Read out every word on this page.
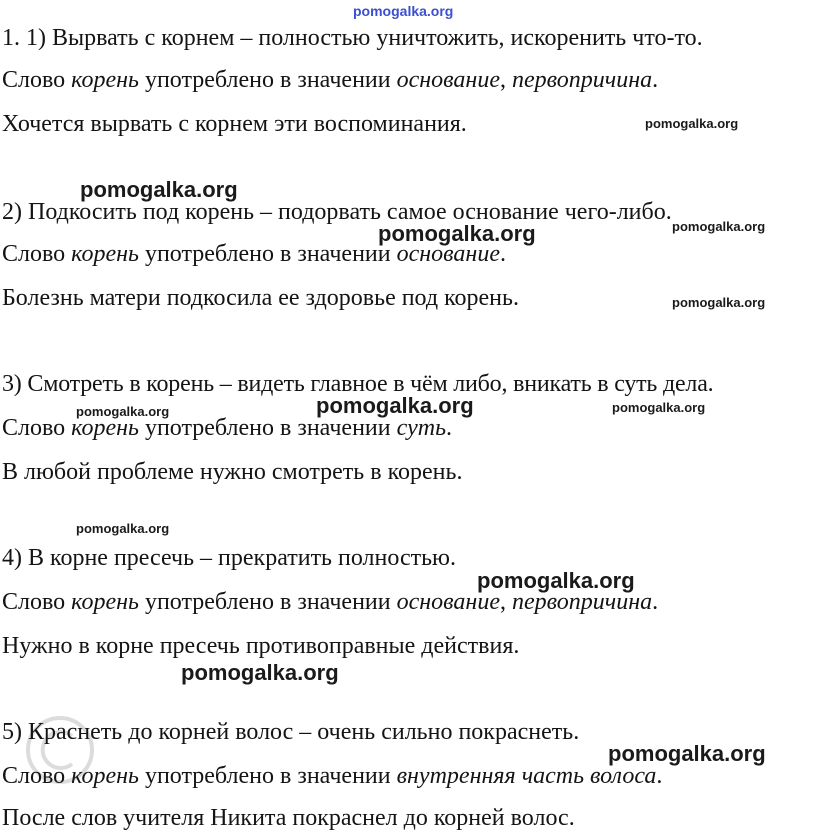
pomogalka.org
1. 1) Вырвать с корнем – полностью уничтожить, искоренить что-то.
Слово корень употреблено в значении основание, первопричина.
Хочется вырвать с корнем эти воспоминания.	pomogalka.org
pomogalka.org
2) Подкосить под корень – подорвать самое основание чего-либо.
pomogalka.org	pomogalka.org
Слово корень употреблено в значении основание.
Болезнь матери подкосила ее здоровье под корень.	pomogalka.org
3) Смотреть в корень – видеть главное в чём либо, вникать в суть дела.
pomogalka.org	pomogalka.org	pomogalka.org
Слово корень употреблено в значении суть.
В любой проблеме нужно смотреть в корень.
pomogalka.org
4) В корне пресечь – прекратить полностью.
pomogalka.org
Слово корень употреблено в значении основание, первопричина.
Нужно в корне пресечь противоправные действия.
pomogalka.org
5) Краснеть до корней волос – очень сильно покраснеть.
pomogalka.org
Слово корень употреблено в значении внутренняя часть волоса.
После слов учителя Никита покраснел до корней волос.
